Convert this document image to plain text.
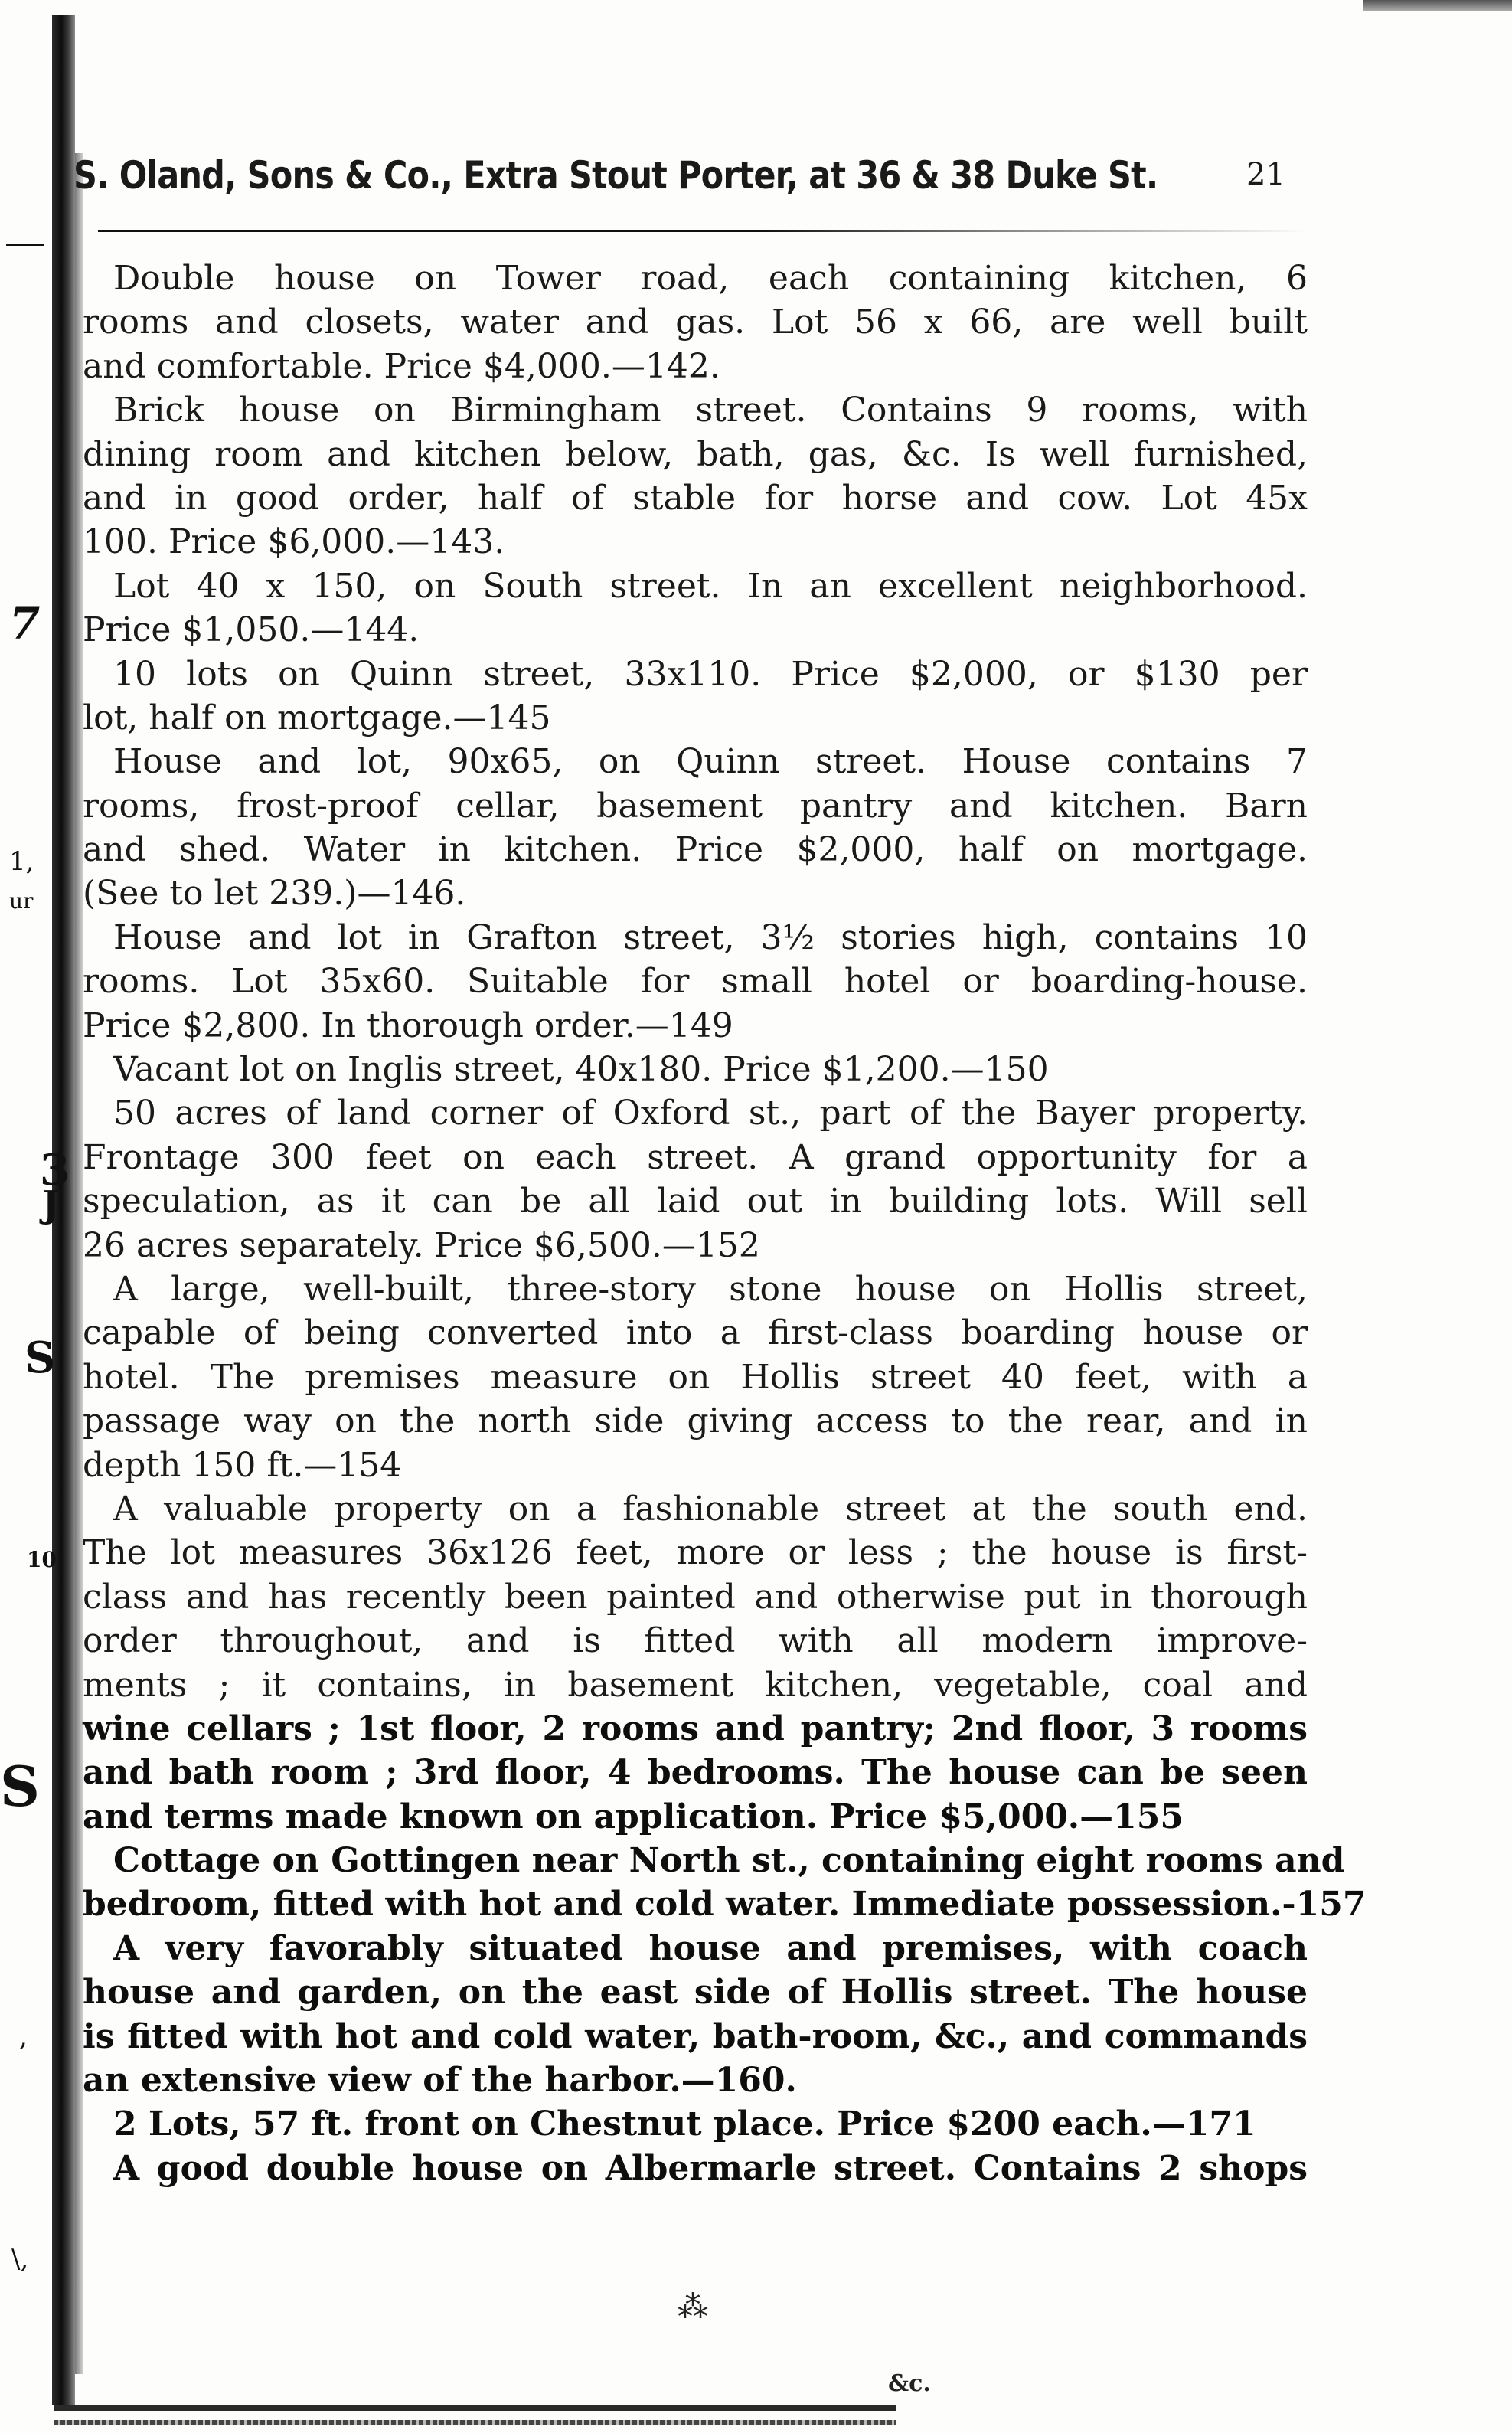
7
1,
ur
3
J
S
10
S
,
\,
S. Oland, Sons & Co., Extra Stout Porter, at 36 & 38 Duke St.	21
Double house on Tower road, each containing kitchen, 6
rooms and closets, water and gas. Lot 56 x 66, are well built
and comfortable. Price $4,000.—142.
Brick house on Birmingham street. Contains 9 rooms, with
dining room and kitchen below, bath, gas, &c. Is well furnished,
and in good order, half of stable for horse and cow. Lot 45x
100. Price $6,000.—143.
Lot 40 x 150, on South street. In an excellent neighborhood.
Price $1,050.—144.
10 lots on Quinn street, 33x110. Price $2,000, or $130 per
lot, half on mortgage.—145
House and lot, 90x65, on Quinn street. House contains 7
rooms, frost-proof cellar, basement pantry and kitchen. Barn
and shed. Water in kitchen. Price $2,000, half on mortgage.
(See to let 239.)—146.
House and lot in Grafton street, 3½ stories high, contains 10
rooms. Lot 35x60. Suitable for small hotel or boarding-house.
Price $2,800. In thorough order.—149
Vacant lot on Inglis street, 40x180. Price $1,200.—150
50 acres of land corner of Oxford st., part of the Bayer property.
Frontage 300 feet on each street. A grand opportunity for a
speculation, as it can be all laid out in building lots. Will sell
26 acres separately. Price $6,500.—152
A large, well-built, three-story stone house on Hollis street,
capable of being converted into a first-class boarding house or
hotel. The premises measure on Hollis street 40 feet, with a
passage way on the north side giving access to the rear, and in
depth 150 ft.—154
A valuable property on a fashionable street at the south end.
The lot measures 36x126 feet, more or less ; the house is first-
class and has recently been painted and otherwise put in thorough
order throughout, and is fitted with all modern improve-
ments ; it contains, in basement kitchen, vegetable, coal and
wine cellars ; 1st floor, 2 rooms and pantry; 2nd floor, 3 rooms
and bath room ; 3rd floor, 4 bedrooms. The house can be seen
and terms made known on application. Price $5,000.—155
Cottage on Gottingen near North st., containing eight rooms and
bedroom, fitted with hot and cold water. Immediate possession.-157
A very favorably situated house and premises, with coach
house and garden, on the east side of Hollis street. The house
is fitted with hot and cold water, bath-room, &c., and commands
an extensive view of the harbor.—160.
2 Lots, 57 ft. front on Chestnut place. Price $200 each.—171
A good double house on Albermarle street. Contains 2 shops
⁂
&c.
